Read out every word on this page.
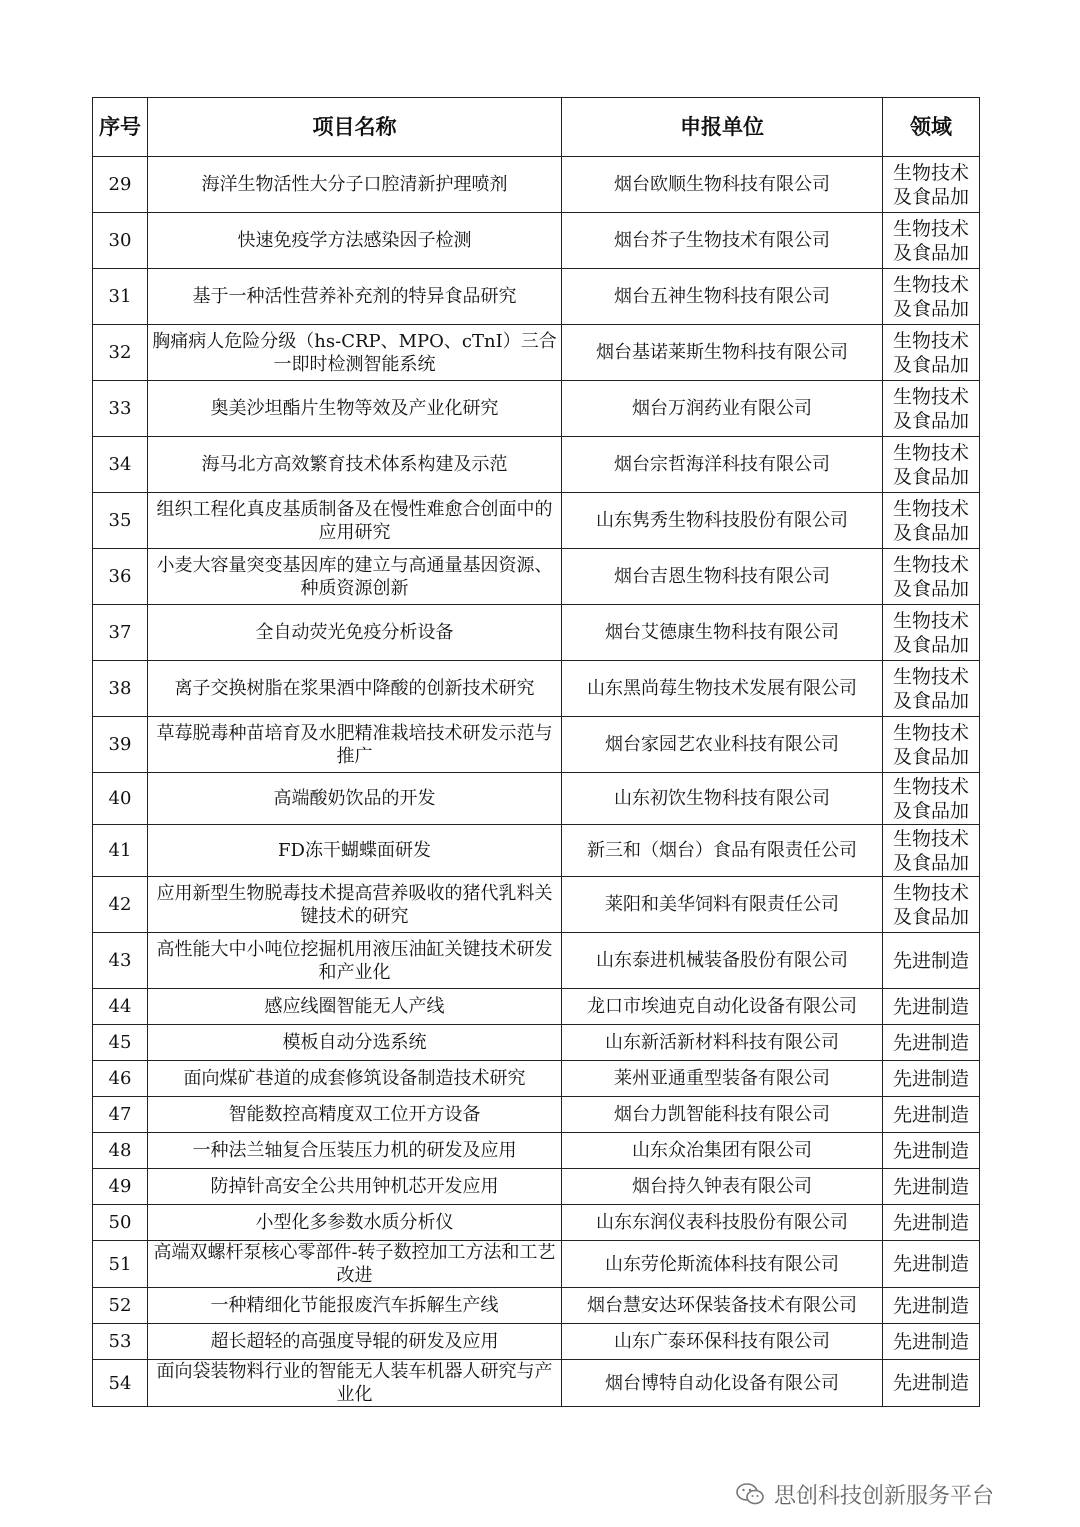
序号	项目名称	申报单位	领域
29	海洋生物活性大分子口腔清新护理喷剂	烟台欧顺生物科技有限公司	生物技术及食品加
30	快速免疫学方法感染因子检测	烟台芥子生物技术有限公司	生物技术及食品加
31	基于一种活性营养补充剂的特异食品研究	烟台五神生物科技有限公司	生物技术及食品加
32	胸痛病人危险分级（hs-CRP、MPO、cTnI）三合一即时检测智能系统	烟台基诺莱斯生物科技有限公司	生物技术及食品加
33	奥美沙坦酯片生物等效及产业化研究	烟台万润药业有限公司	生物技术及食品加
34	海马北方高效繁育技术体系构建及示范	烟台宗哲海洋科技有限公司	生物技术及食品加
35	组织工程化真皮基质制备及在慢性难愈合创面中的应用研究	山东隽秀生物科技股份有限公司	生物技术及食品加
36	小麦大容量突变基因库的建立与高通量基因资源、种质资源创新	烟台吉恩生物科技有限公司	生物技术及食品加
37	全自动荧光免疫分析设备	烟台艾德康生物科技有限公司	生物技术及食品加
38	离子交换树脂在浆果酒中降酸的创新技术研究	山东黑尚莓生物技术发展有限公司	生物技术及食品加
39	草莓脱毒种苗培育及水肥精准栽培技术研发示范与推广	烟台家园艺农业科技有限公司	生物技术及食品加
40	高端酸奶饮品的开发	山东初饮生物科技有限公司	生物技术及食品加
41	FD冻干蝴蝶面研发	新三和（烟台）食品有限责任公司	生物技术及食品加
42	应用新型生物脱毒技术提高营养吸收的猪代乳料关键技术的研究	莱阳和美华饲料有限责任公司	生物技术及食品加
43	高性能大中小吨位挖掘机用液压油缸关键技术研发和产业化	山东泰进机械装备股份有限公司	先进制造
44	感应线圈智能无人产线	龙口市埃迪克自动化设备有限公司	先进制造
45	模板自动分选系统	山东新活新材料科技有限公司	先进制造
46	面向煤矿巷道的成套修筑设备制造技术研究	莱州亚通重型装备有限公司	先进制造
47	智能数控高精度双工位开方设备	烟台力凯智能科技有限公司	先进制造
48	一种法兰轴复合压装压力机的研发及应用	山东众冶集团有限公司	先进制造
49	防掉针高安全公共用钟机芯开发应用	烟台持久钟表有限公司	先进制造
50	小型化多参数水质分析仪	山东东润仪表科技股份有限公司	先进制造
51	高端双螺杆泵核心零部件-转子数控加工方法和工艺改进	山东劳伦斯流体科技有限公司	先进制造
52	一种精细化节能报废汽车拆解生产线	烟台慧安达环保装备技术有限公司	先进制造
53	超长超轻的高强度导辊的研发及应用	山东广泰环保科技有限公司	先进制造
54	面向袋装物料行业的智能无人装车机器人研究与产业化	烟台博特自动化设备有限公司	先进制造
思创科技创新服务平台
